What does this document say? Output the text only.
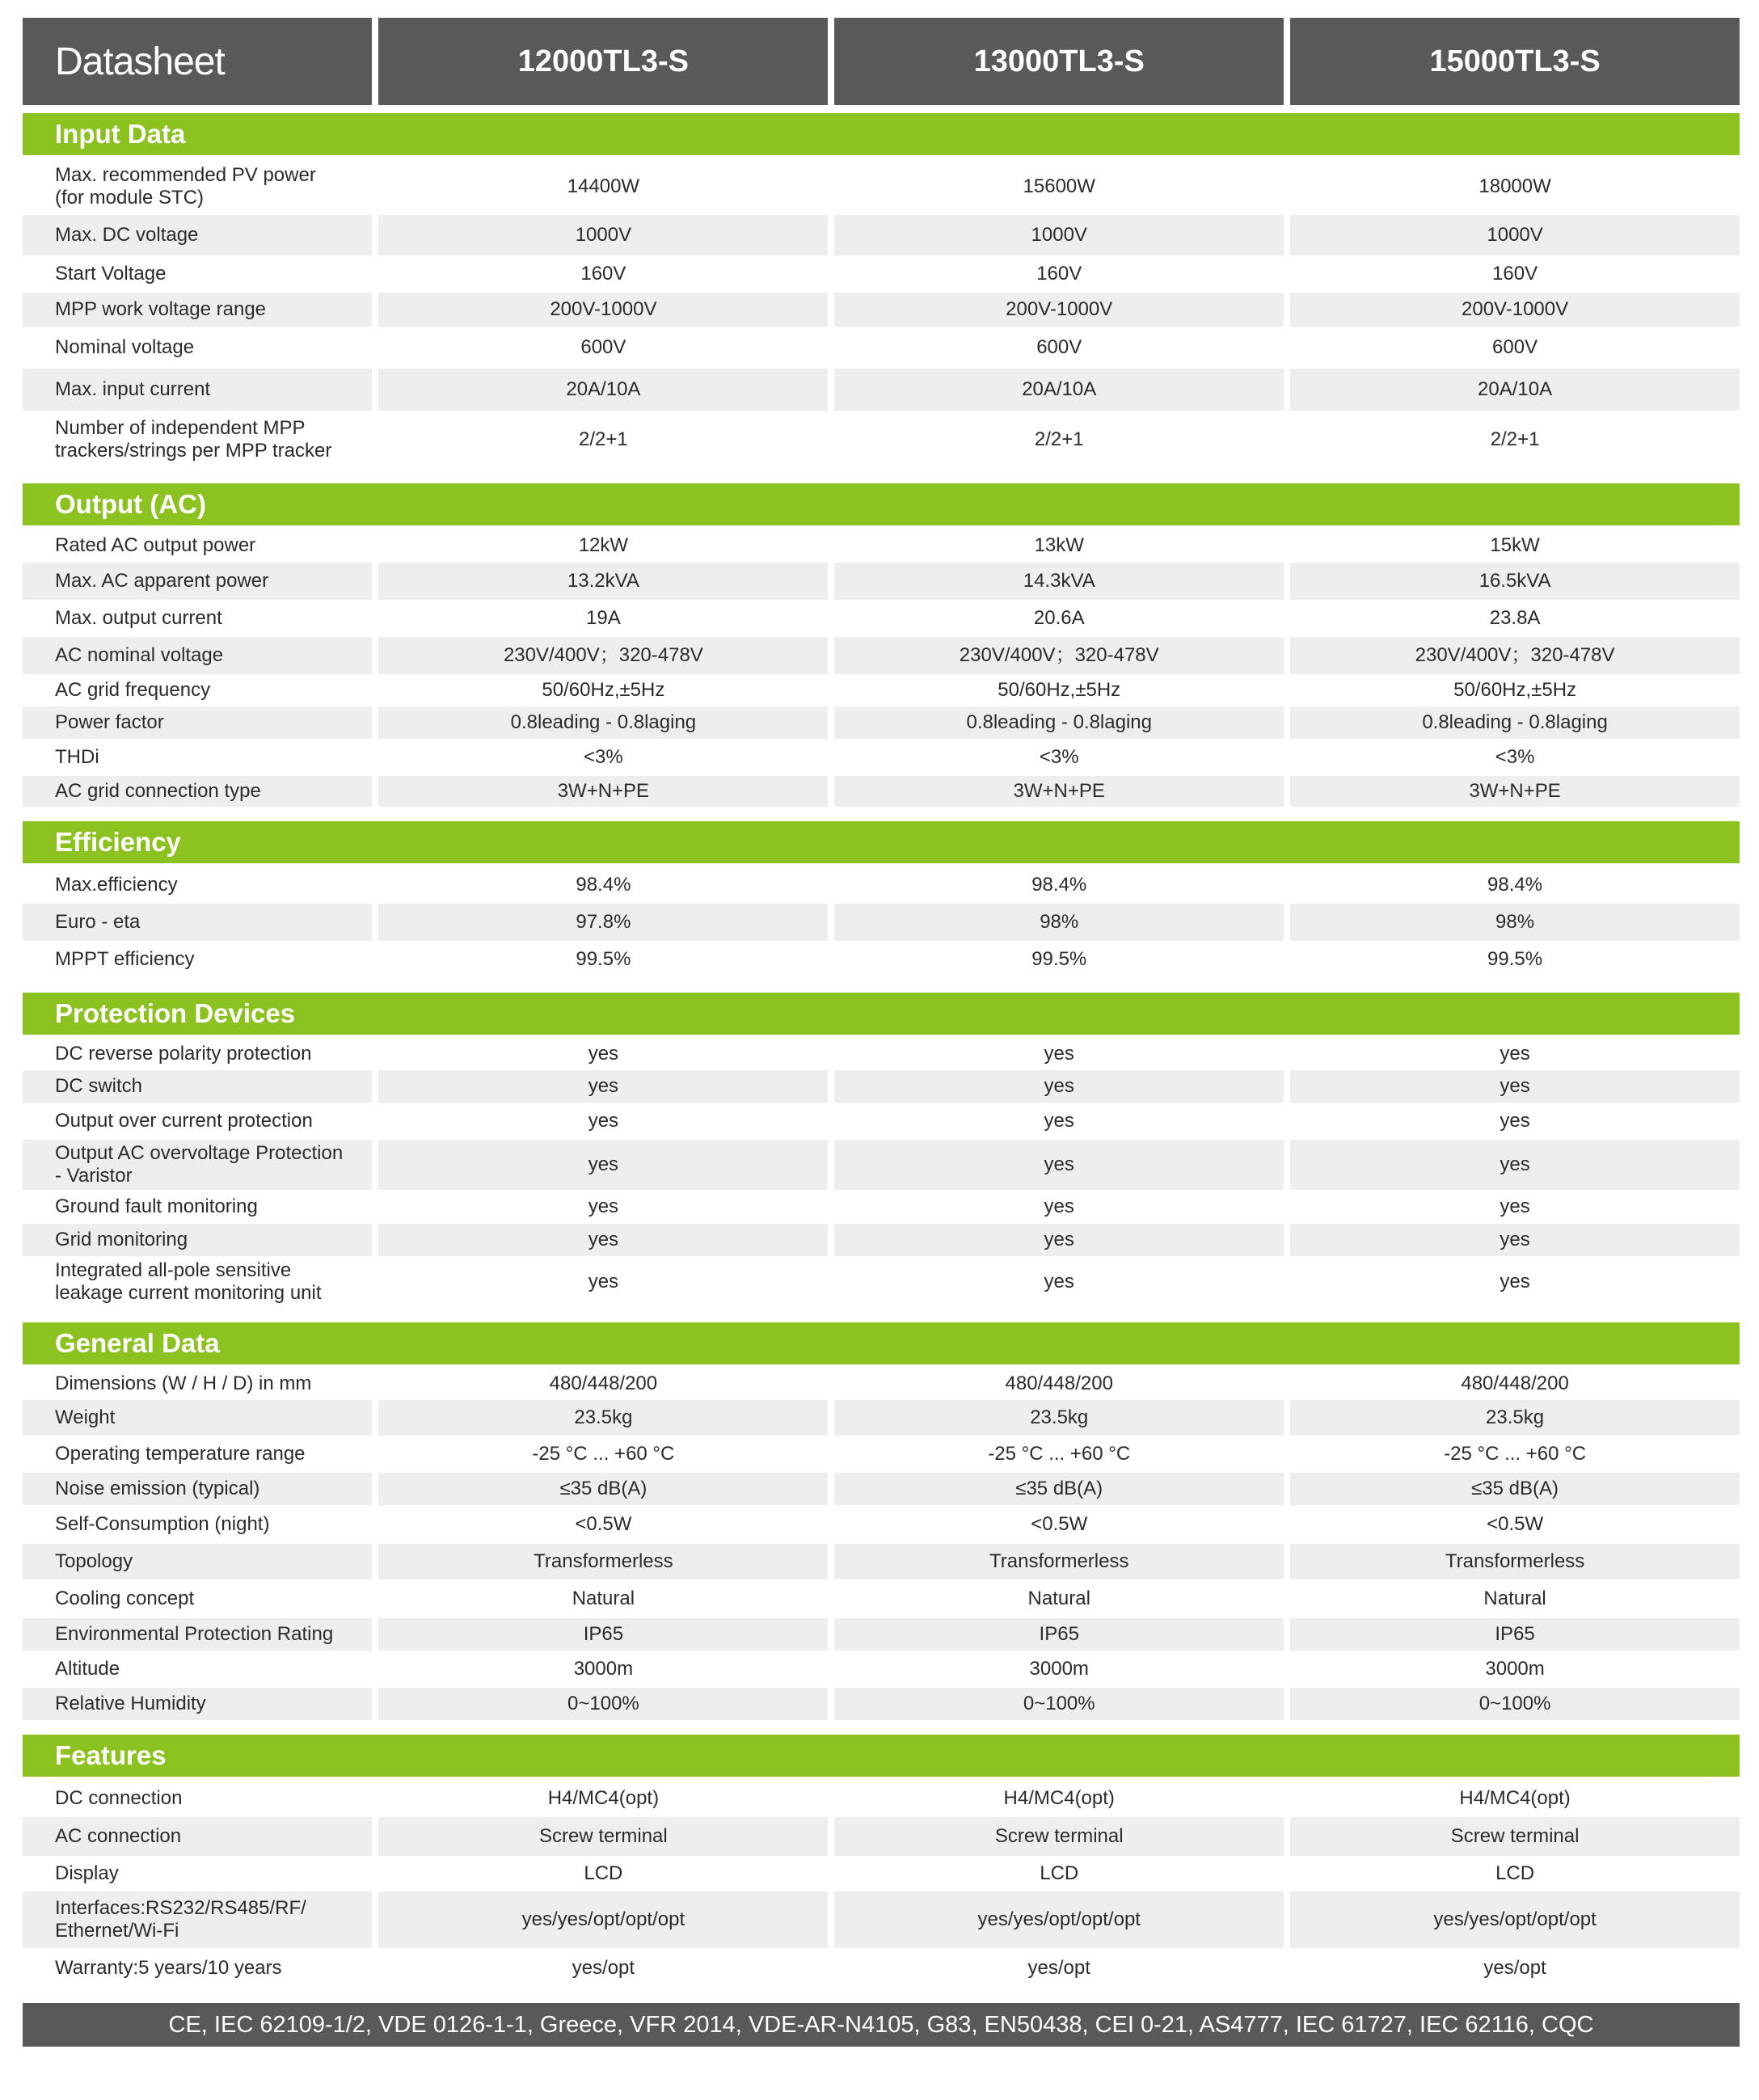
Datasheet	12000TL3-S	13000TL3-S	15000TL3-S
Input Data
Max. recommended PV power
(for module STC)
14400W	15600W	18000W
Max. DC voltage	1000V	1000V	1000V
Start Voltage	160V	160V	160V
MPP work voltage range	200V-1000V	200V-1000V	200V-1000V
Nominal voltage	600V	600V	600V
Max. input current	20A/10A	20A/10A	20A/10A
Number of independent MPP
trackers/strings per MPP tracker
2/2+1	2/2+1	2/2+1
Output (AC)
Rated AC output power	12kW	13kW	15kW
Max. AC apparent power	13.2kVA	14.3kVA	16.5kVA
Max. output current	19A	20.6A	23.8A
AC nominal voltage	230V/400V；320-478V	230V/400V；320-478V	230V/400V；320-478V
AC grid frequency	50/60Hz,±5Hz	50/60Hz,±5Hz	50/60Hz,±5Hz
Power factor	0.8leading - 0.8laging	0.8leading - 0.8laging	0.8leading - 0.8laging
THDi	<3%	<3%	<3%
AC grid connection type	3W+N+PE	3W+N+PE	3W+N+PE
Efficiency
Max.efficiency	98.4%	98.4%	98.4%
Euro - eta	97.8%	98%	98%
MPPT efficiency	99.5%	99.5%	99.5%
Protection Devices
DC reverse polarity protection	yes	yes	yes
DC switch	yes	yes	yes
Output over current protection	yes	yes	yes
Output AC overvoltage Protection
- Varistor
yes	yes	yes
Ground fault monitoring	yes	yes	yes
Grid monitoring	yes	yes	yes
Integrated all-pole sensitive
leakage current monitoring unit
yes	yes	yes
General Data
Dimensions (W / H / D) in mm	480/448/200	480/448/200	480/448/200
Weight	23.5kg	23.5kg	23.5kg
Operating temperature range	-25 °C ... +60 °C	-25 °C ... +60 °C	-25 °C ... +60 °C
Noise emission (typical)	≤35 dB(A)	≤35 dB(A)	≤35 dB(A)
Self-Consumption (night)	<0.5W	<0.5W	<0.5W
Topology	Transformerless	Transformerless	Transformerless
Cooling concept	Natural	Natural	Natural
Environmental Protection Rating	IP65	IP65	IP65
Altitude	3000m	3000m	3000m
Relative Humidity	0~100%	0~100%	0~100%
Features
DC connection	H4/MC4(opt)	H4/MC4(opt)	H4/MC4(opt)
AC connection	Screw terminal	Screw terminal	Screw terminal
Display	LCD	LCD	LCD
Interfaces:RS232/RS485/RF/
Ethernet/Wi-Fi
yes/yes/opt/opt/opt	yes/yes/opt/opt/opt	yes/yes/opt/opt/opt
Warranty:5 years/10 years	yes/opt	yes/opt	yes/opt
CE, IEC 62109-1/2, VDE 0126-1-1, Greece, VFR 2014, VDE-AR-N4105, G83, EN50438, CEI 0-21, AS4777, IEC 61727, IEC 62116, CQC
